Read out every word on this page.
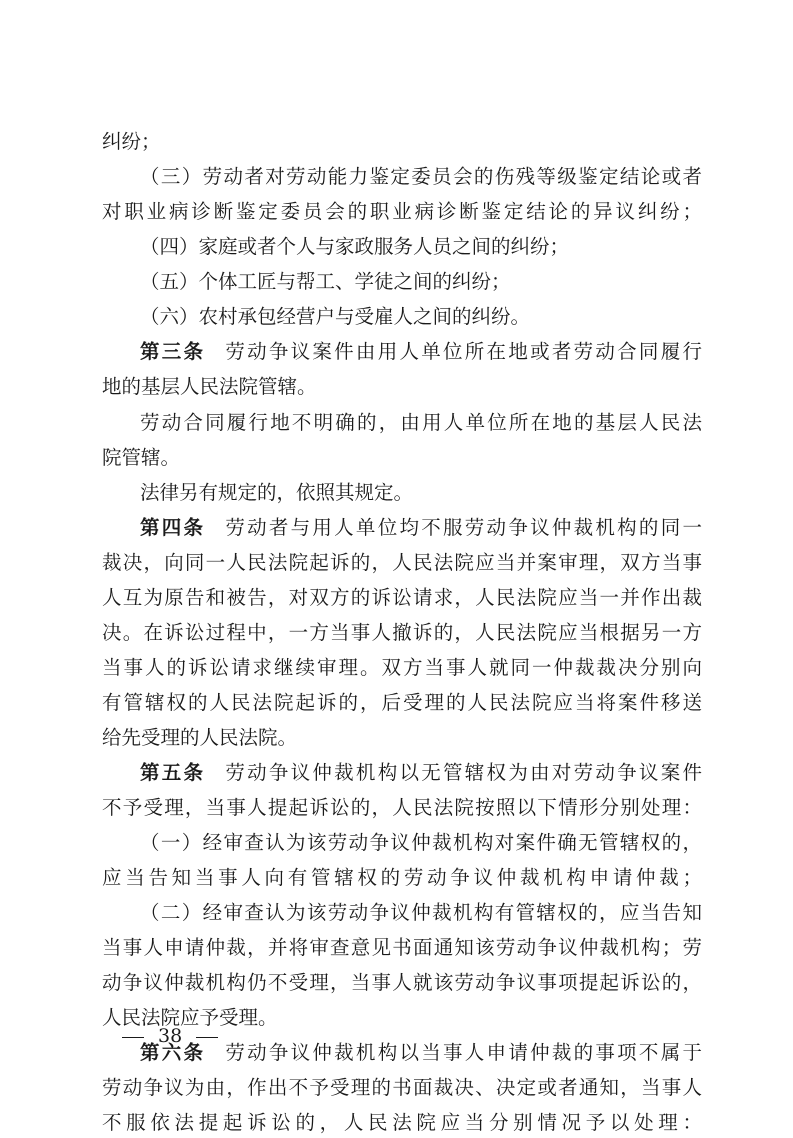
纠纷；
（三）劳动者对劳动能力鉴定委员会的伤残等级鉴定结论或者
对职业病诊断鉴定委员会的职业病诊断鉴定结论的异议纠纷；
（四）家庭或者个人与家政服务人员之间的纠纷；
（五）个体工匠与帮工、学徒之间的纠纷；
（六）农村承包经营户与受雇人之间的纠纷。
第三条 劳动争议案件由用人单位所在地或者劳动合同履行
地的基层人民法院管辖。
劳动合同履行地不明确的，由用人单位所在地的基层人民法
院管辖。
法律另有规定的，依照其规定。
第四条 劳动者与用人单位均不服劳动争议仲裁机构的同一
裁决，向同一人民法院起诉的，人民法院应当并案审理，双方当事
人互为原告和被告，对双方的诉讼请求，人民法院应当一并作出裁
决。在诉讼过程中，一方当事人撤诉的，人民法院应当根据另一方
当事人的诉讼请求继续审理。双方当事人就同一仲裁裁决分别向
有管辖权的人民法院起诉的，后受理的人民法院应当将案件移送
给先受理的人民法院。
第五条 劳动争议仲裁机构以无管辖权为由对劳动争议案件
不予受理，当事人提起诉讼的，人民法院按照以下情形分别处理：
（一）经审查认为该劳动争议仲裁机构对案件确无管辖权的，
应当告知当事人向有管辖权的劳动争议仲裁机构申请仲裁；
（二）经审查认为该劳动争议仲裁机构有管辖权的，应当告知
当事人申请仲裁，并将审查意见书面通知该劳动争议仲裁机构；劳
动争议仲裁机构仍不受理，当事人就该劳动争议事项提起诉讼的，
人民法院应予受理。
第六条 劳动争议仲裁机构以当事人申请仲裁的事项不属于
劳动争议为由，作出不予受理的书面裁决、决定或者通知，当事人
不服依法提起诉讼的，人民法院应当分别情况予以处理：
38
